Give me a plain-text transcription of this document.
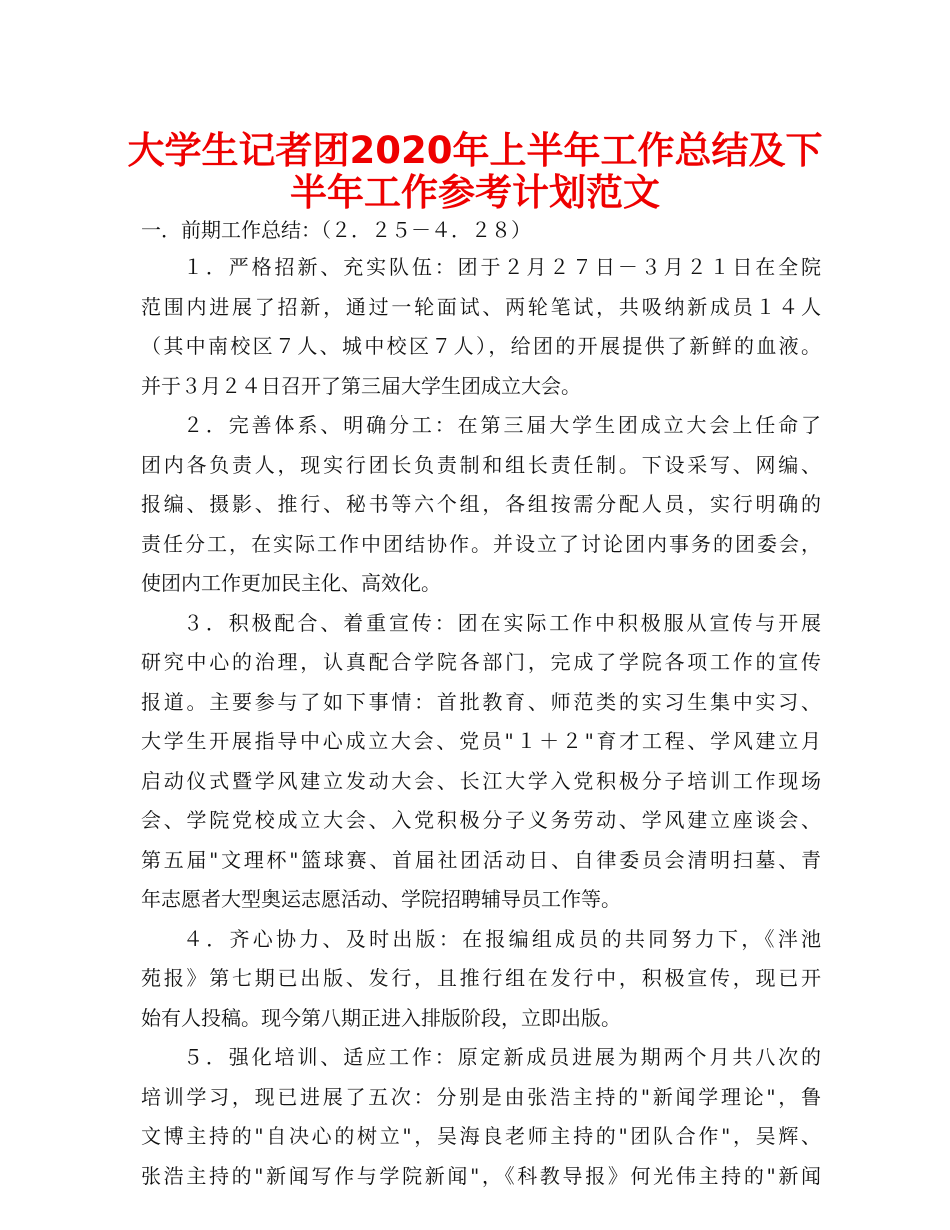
大学生记者团2020年上半年工作总结及下
半年工作参考计划范文
一．前期工作总结：（２．２５－４．２８）
１．严格招新、充实队伍：团于２月２７日－３月２１日在全院
范围内进展了招新，通过一轮面试、两轮笔试，共吸纳新成员１４人
（其中南校区７人、城中校区７人），给团的开展提供了新鲜的血液。
并于３月２４日召开了第三届大学生团成立大会。
２．完善体系、明确分工：在第三届大学生团成立大会上任命了
团内各负责人，现实行团长负责制和组长责任制。下设采写、网编、
报编、摄影、推行、秘书等六个组，各组按需分配人员，实行明确的
责任分工，在实际工作中团结协作。并设立了讨论团内事务的团委会，
使团内工作更加民主化、高效化。
３．积极配合、着重宣传：团在实际工作中积极服从宣传与开展
研究中心的治理，认真配合学院各部门，完成了学院各项工作的宣传
报道。主要参与了如下事情：首批教育、师范类的实习生集中实习、
大学生开展指导中心成立大会、党员"１＋２"育才工程、学风建立月
启动仪式暨学风建立发动大会、长江大学入党积极分子培训工作现场
会、学院党校成立大会、入党积极分子义务劳动、学风建立座谈会、
第五届"文理杯"篮球赛、首届社团活动日、自律委员会清明扫墓、青
年志愿者大型奥运志愿活动、学院招聘辅导员工作等。
４．齐心协力、及时出版：在报编组成员的共同努力下，《泮池
苑报》第七期已出版、发行，且推行组在发行中，积极宣传，现已开
始有人投稿。现今第八期正进入排版阶段，立即出版。
５．强化培训、适应工作：原定新成员进展为期两个月共八次的
培训学习，现已进展了五次：分别是由张浩主持的"新闻学理论"，鲁
文博主持的"自决心的树立"，吴海良老师主持的"团队合作"，吴辉、
张浩主持的"新闻写作与学院新闻"，《科教导报》何光伟主持的"新闻
